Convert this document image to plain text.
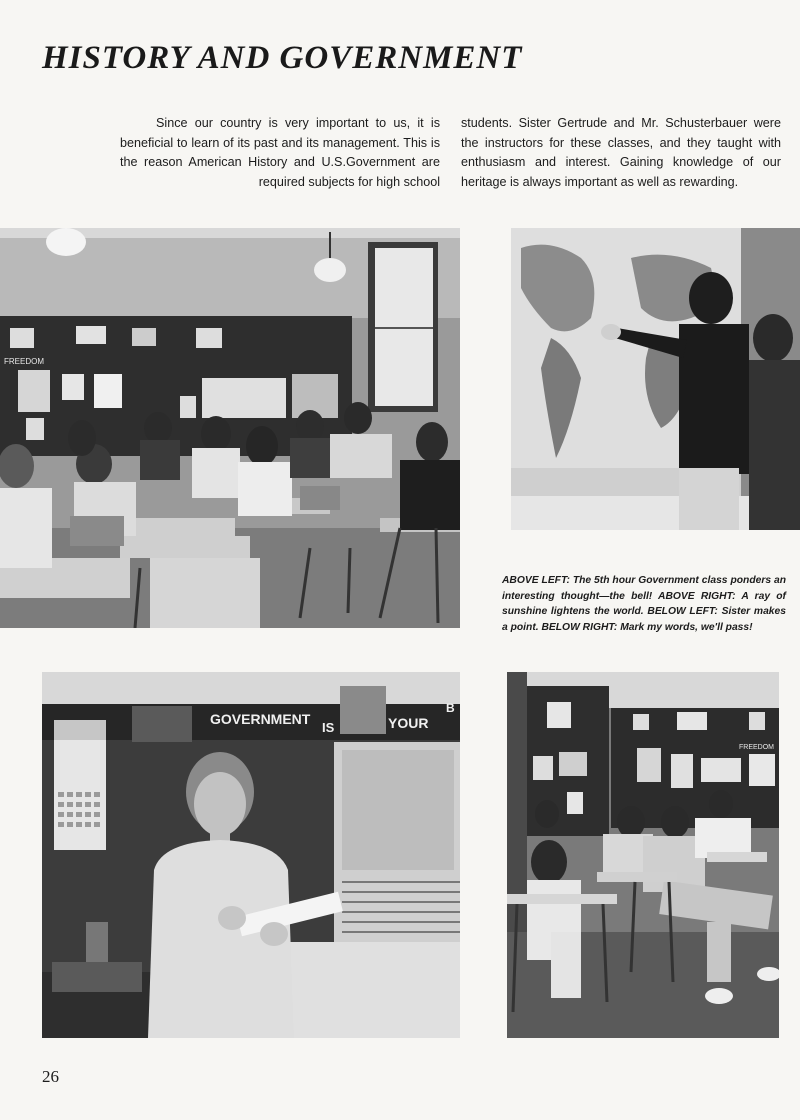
HISTORY AND GOVERNMENT

Since our country is very important to us, it is beneficial to learn of its past and its management. This is the reason American History and U.S.Government are required subjects for high school

students. Sister Gertrude and Mr. Schusterbauer were the instructors for these classes, and they taught with enthusiasm and interest. Gaining knowledge of our heritage is always important as well as rewarding.

FREEDOM
GOVERNMENT
IS	YOUR
B
FREEDOM

ABOVE LEFT: The 5th hour Government class ponders an interesting thought—the bell! ABOVE RIGHT: A ray of sunshine lightens the world. BELOW LEFT: Sister makes a point. BELOW RIGHT: Mark my words, we'll pass!

26
